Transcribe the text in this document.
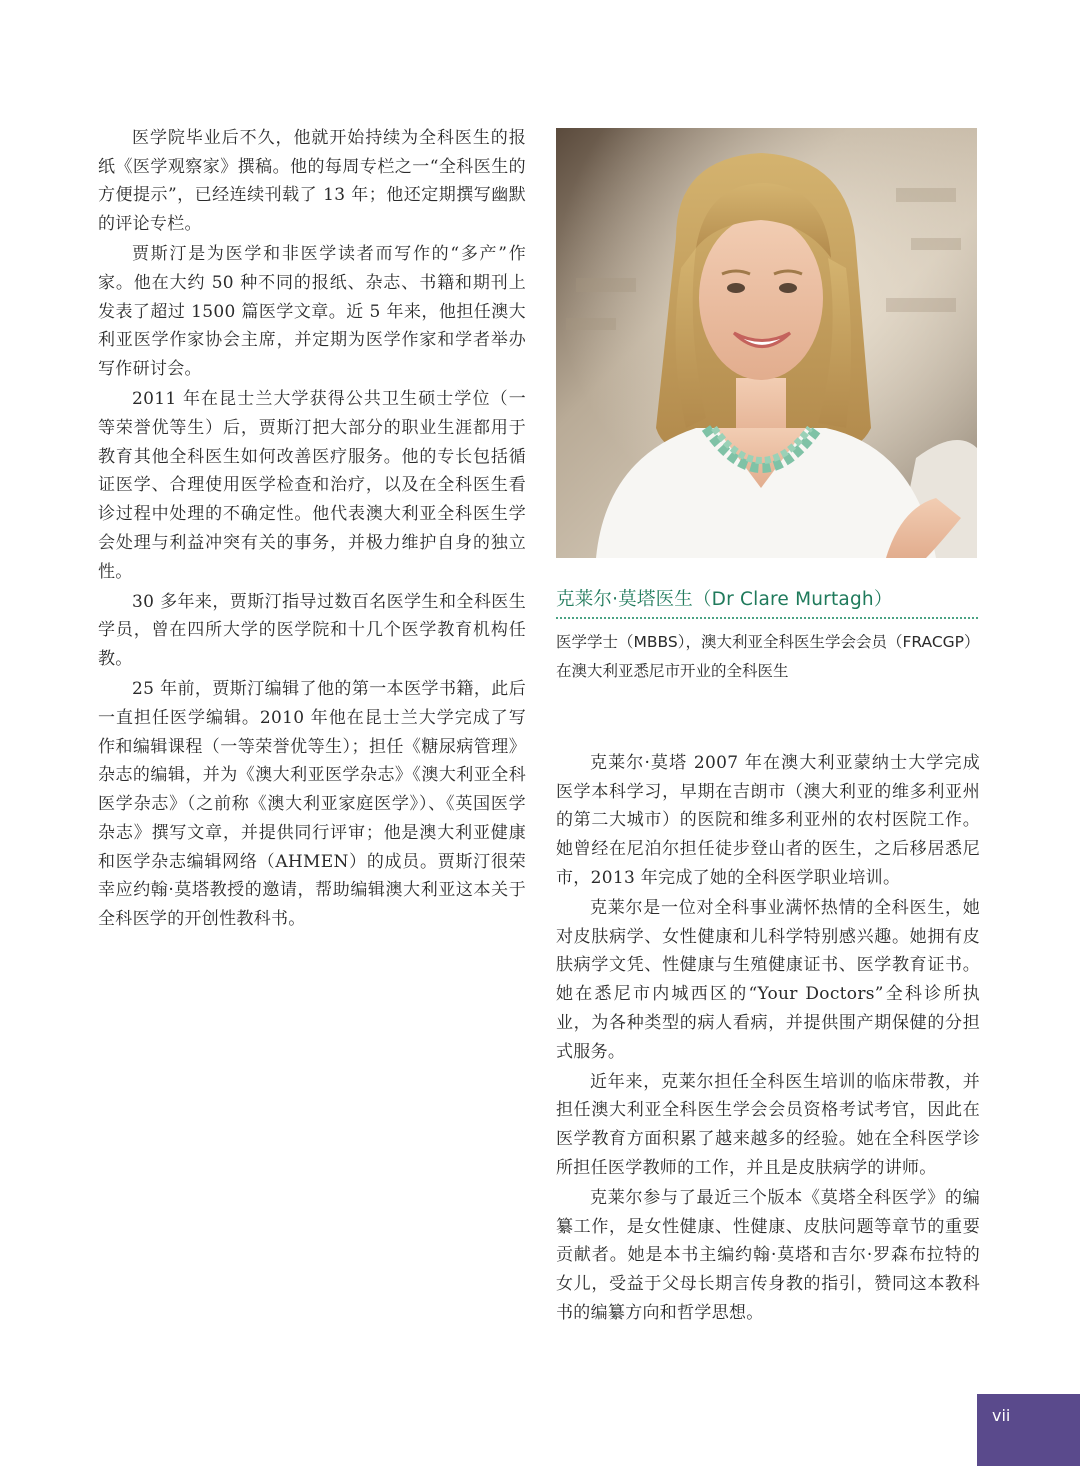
医学院毕业后不久，他就开始持续为全科医生的报纸《医学观察家》撰稿。他的每周专栏之一“全科医生的方便提示”，已经连续刊载了 13 年；他还定期撰写幽默的评论专栏。

贾斯汀是为医学和非医学读者而写作的“多产”作家。他在大约 50 种不同的报纸、杂志、书籍和期刊上发表了超过 1500 篇医学文章。近 5 年来，他担任澳大利亚医学作家协会主席，并定期为医学作家和学者举办写作研讨会。

2011 年在昆士兰大学获得公共卫生硕士学位（一等荣誉优等生）后，贾斯汀把大部分的职业生涯都用于教育其他全科医生如何改善医疗服务。他的专长包括循证医学、合理使用医学检查和治疗，以及在全科医生看诊过程中处理的不确定性。他代表澳大利亚全科医生学会处理与利益冲突有关的事务，并极力维护自身的独立性。

30 多年来，贾斯汀指导过数百名医学生和全科医生学员，曾在四所大学的医学院和十几个医学教育机构任教。

25 年前，贾斯汀编辑了他的第一本医学书籍，此后一直担任医学编辑。2010 年他在昆士兰大学完成了写作和编辑课程（一等荣誉优等生）；担任《糖尿病管理》杂志的编辑，并为《澳大利亚医学杂志》《澳大利亚全科医学杂志》（之前称《澳大利亚家庭医学》）、《英国医学杂志》撰写文章，并提供同行评审；他是澳大利亚健康和医学杂志编辑网络（AHMEN）的成员。贾斯汀很荣幸应约翰·莫塔教授的邀请，帮助编辑澳大利亚这本关于全科医学的开创性教科书。

克莱尔·莫塔医生（Dr Clare Murtagh）
医学学士（MBBS），澳大利亚全科医生学会会员（FRACGP）
在澳大利亚悉尼市开业的全科医生

克莱尔·莫塔 2007 年在澳大利亚蒙纳士大学完成医学本科学习，早期在吉朗市（澳大利亚的维多利亚州的第二大城市）的医院和维多利亚州的农村医院工作。她曾经在尼泊尔担任徒步登山者的医生，之后移居悉尼市，2013 年完成了她的全科医学职业培训。

克莱尔是一位对全科事业满怀热情的全科医生，她对皮肤病学、女性健康和儿科学特别感兴趣。她拥有皮肤病学文凭、性健康与生殖健康证书、医学教育证书。她在悉尼市内城西区的“Your Doctors”全科诊所执业，为各种类型的病人看病，并提供围产期保健的分担式服务。

近年来，克莱尔担任全科医生培训的临床带教，并担任澳大利亚全科医生学会会员资格考试考官，因此在医学教育方面积累了越来越多的经验。她在全科医学诊所担任医学教师的工作，并且是皮肤病学的讲师。

克莱尔参与了最近三个版本《莫塔全科医学》的编纂工作，是女性健康、性健康、皮肤问题等章节的重要贡献者。她是本书主编约翰·莫塔和吉尔·罗森布拉特的女儿，受益于父母长期言传身教的指引，赞同这本教科书的编纂方向和哲学思想。

vii
